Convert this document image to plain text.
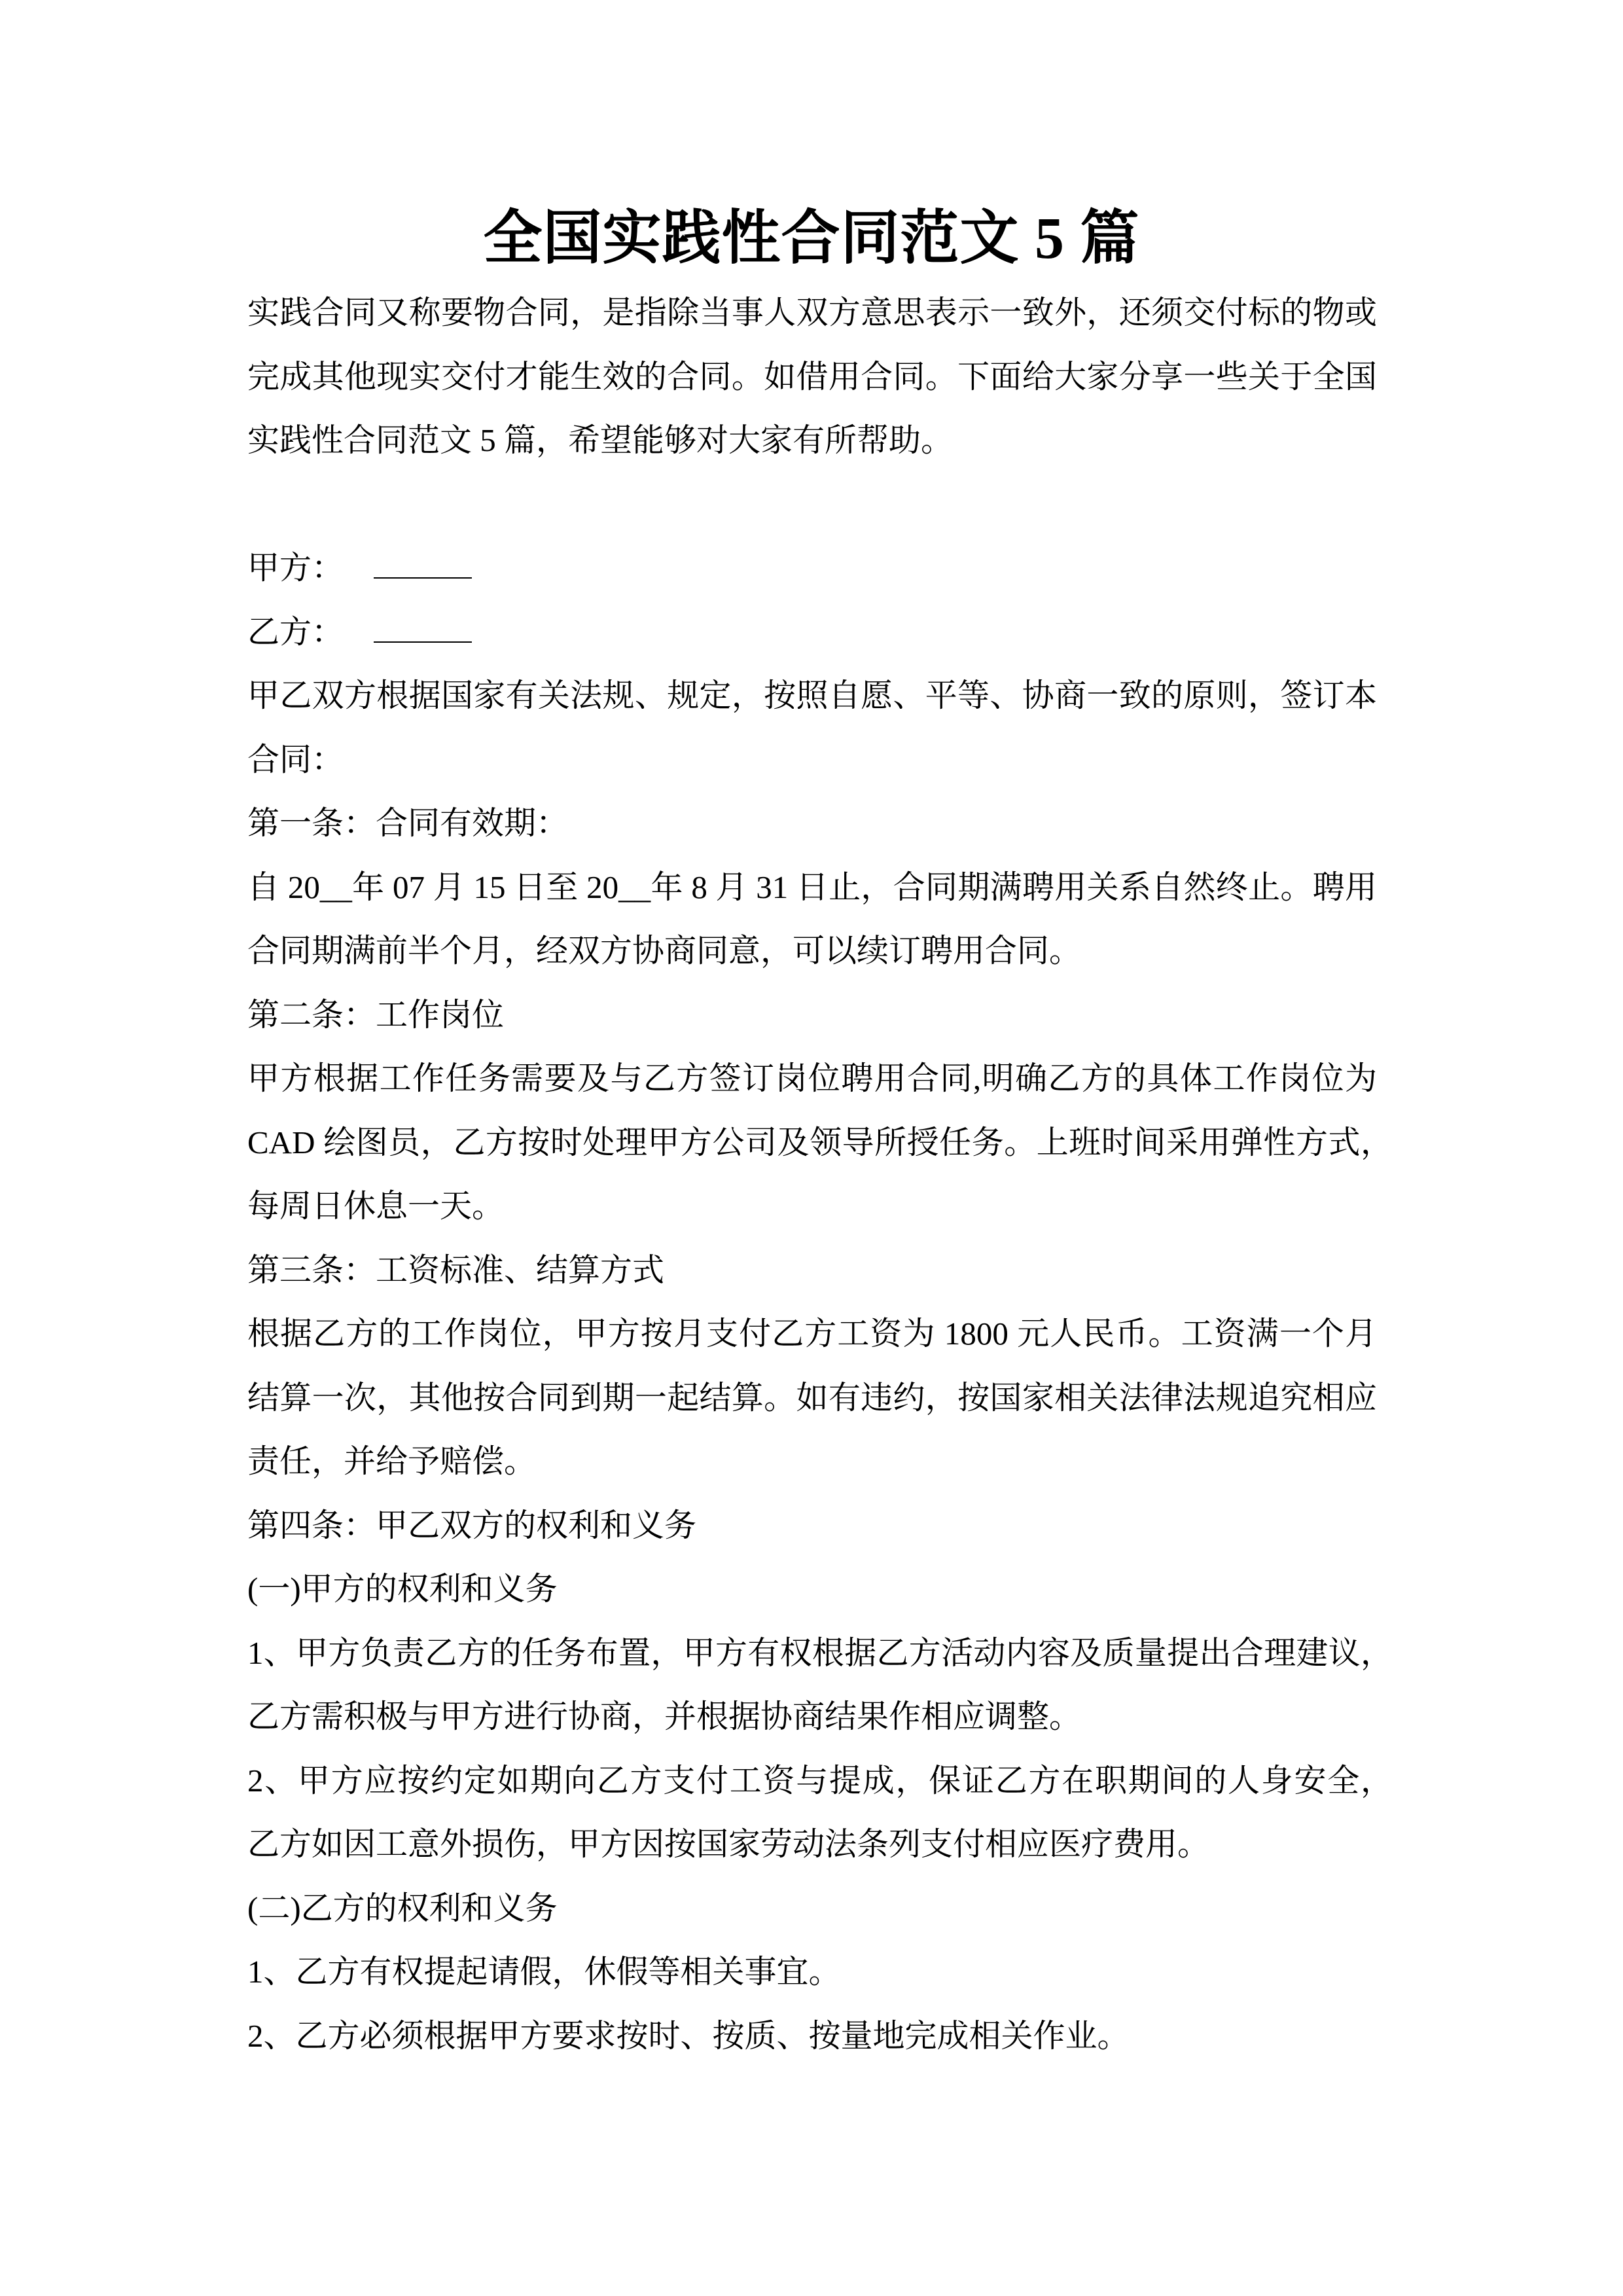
全国实践性合同范文 5 篇
实践合同又称要物合同，是指除当事人双方意思表示一致外，还须交付标的物或
完成其他现实交付才能生效的合同。如借用合同。下面给大家分享一些关于全国
实践性合同范文 5 篇，希望能够对大家有所帮助。
甲方：
乙方：
甲乙双方根据国家有关法规、规定，按照自愿、平等、协商一致的原则，签订本
合同：
第一条：合同有效期：
自 20__年 07 月 15 日至 20__年 8 月 31 日止，合同期满聘用关系自然终止。聘用
合同期满前半个月，经双方协商同意，可以续订聘用合同。
第二条：工作岗位
甲方根据工作任务需要及与乙方签订岗位聘用合同,明确乙方的具体工作岗位为
CAD 绘图员，乙方按时处理甲方公司及领导所授任务。上班时间采用弹性方式，
每周日休息一天。
第三条：工资标准、结算方式
根据乙方的工作岗位，甲方按月支付乙方工资为 1800 元人民币。工资满一个月
结算一次，其他按合同到期一起结算。如有违约，按国家相关法律法规追究相应
责任，并给予赔偿。
第四条：甲乙双方的权利和义务
(一)甲方的权利和义务
1、甲方负责乙方的任务布置，甲方有权根据乙方活动内容及质量提出合理建议，
乙方需积极与甲方进行协商，并根据协商结果作相应调整。
2、甲方应按约定如期向乙方支付工资与提成，保证乙方在职期间的人身安全，
乙方如因工意外损伤，甲方因按国家劳动法条列支付相应医疗费用。
(二)乙方的权利和义务
1、乙方有权提起请假，休假等相关事宜。
2、乙方必须根据甲方要求按时、按质、按量地完成相关作业。
